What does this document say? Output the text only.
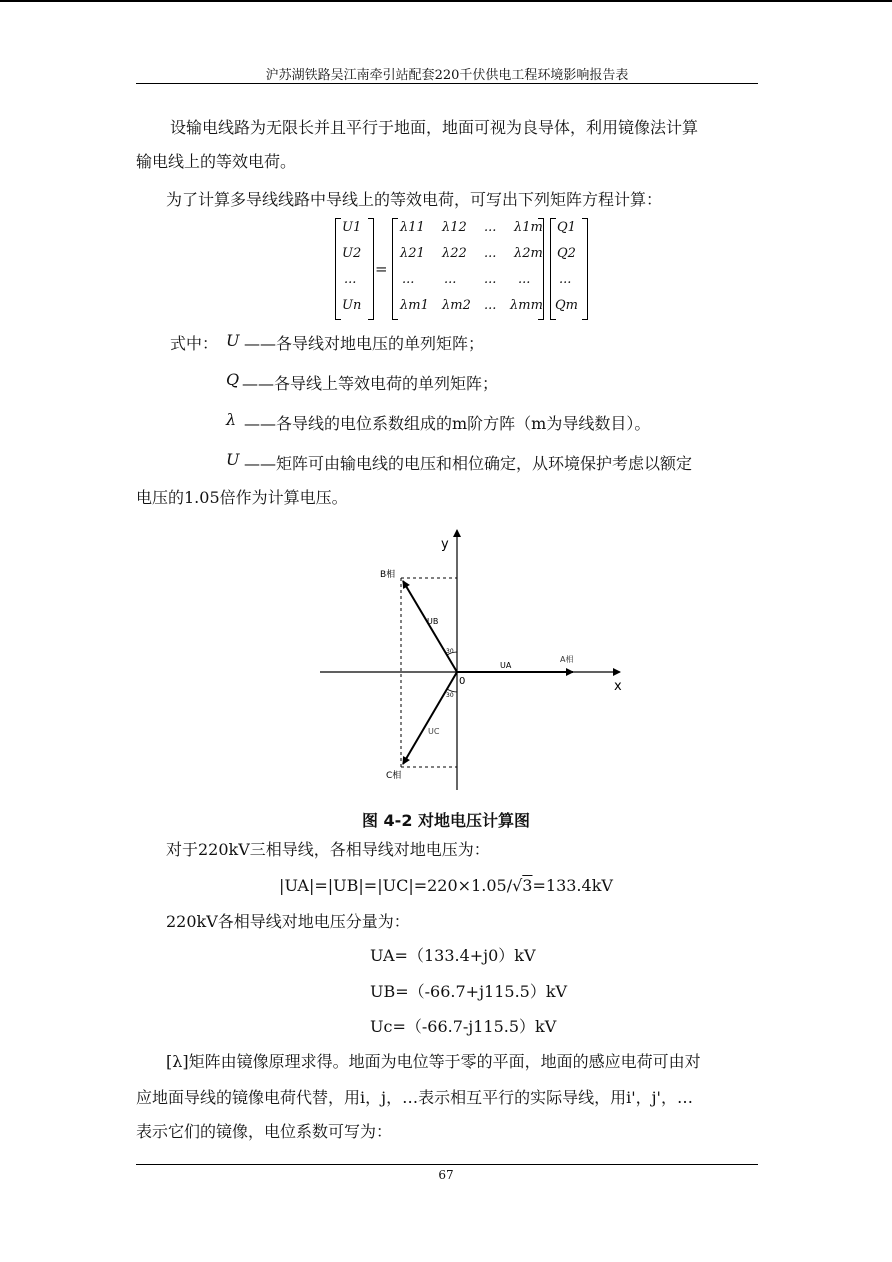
沪苏湖铁路吴江南牵引站配套220千伏供电工程环境影响报告表
设输电线路为无限长并且平行于地面，地面可视为良导体，利用镜像法计算
输电线上的等效电荷。
为了计算多导线线路中导线上的等效电荷，可写出下列矩阵方程计算：
U1
U2
...
Un
=
λ11 λ12 ... λ1m
λ21 λ22 ... λ2m
... ... ... ...
λm1 λm2 ... λmm
Q1
Q2
...
Qm
式中： U ——各导线对地电压的单列矩阵；
Q ——各导线上等效电荷的单列矩阵；
λ ——各导线的电位系数组成的m阶方阵（m为导线数目）。
U ——矩阵可由输电线的电压和相位确定，从环境保护考虑以额定
电压的1.05倍作为计算电压。
y
x
0
B相
A相
C相
UA
UB
UC
30
30
图 4-2 对地电压计算图
对于220kV三相导线，各相导线对地电压为：
|UA|=|UB|=|UC|=220×1.05/√3=133.4kV
220kV各相导线对地电压分量为：
UA=（133.4+j0）kV
UB=（-66.7+j115.5）kV
Uc=（-66.7-j115.5）kV
[λ]矩阵由镜像原理求得。地面为电位等于零的平面，地面的感应电荷可由对
应地面导线的镜像电荷代替，用i，j，…表示相互平行的实际导线，用i'，j'，…
表示它们的镜像，电位系数可写为：
67
